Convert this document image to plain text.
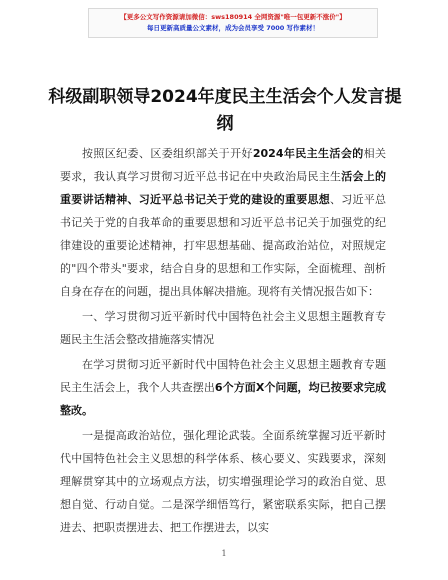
【更多公文写作资源请加微信：sws180914 全网资源"唯一包更新不涨价"】
每日更新高质量公文素材，成为会员享受 7000 写作素材！
科级副职领导2024年度民主生活会个人发言提纲

按照区纪委、区委组织部关于开好2024年民主生活会的相关要求，我认真学习贯彻习近平总书记在中央政治局民主生活会上的重要讲话精神、习近平总书记关于党的建设的重要思想、习近平总书记关于党的自我革命的重要思想和习近平总书记关于加强党的纪律建设的重要论述精神，打牢思想基础、提高政治站位，对照规定的"四个带头"要求，结合自身的思想和工作实际，全面梳理、剖析自身在存在的问题，提出具体解决措施。现将有关情况报告如下：

一、学习贯彻习近平新时代中国特色社会主义思想主题教育专题民主生活会整改措施落实情况

在学习贯彻习近平新时代中国特色社会主义思想主题教育专题民主生活会上，我个人共查摆出6个方面X个问题，均已按要求完成整改。

一是提高政治站位，强化理论武装。全面系统掌握习近平新时代中国特色社会主义思想的科学体系、核心要义、实践要求，深刻理解贯穿其中的立场观点方法，切实增强理论学习的政治自觉、思想自觉、行动自觉。二是深学细悟笃行，紧密联系实际，把自己摆进去、把职责摆进去、把工作摆进去，以实

1
